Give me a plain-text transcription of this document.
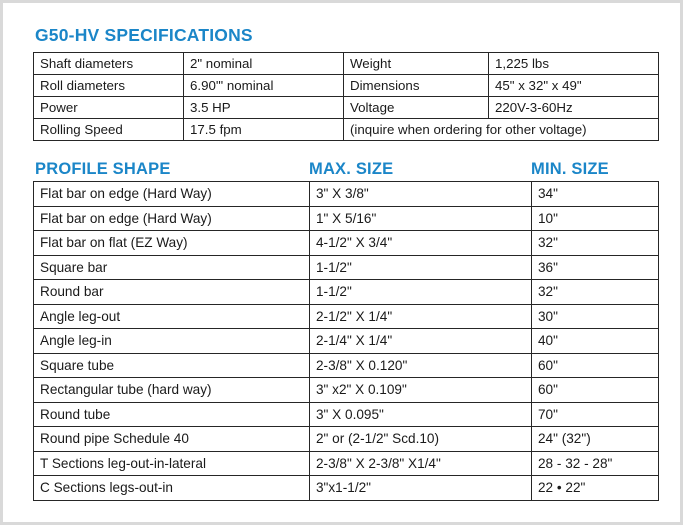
G50-HV SPECIFICATIONS
Shaft diameters	2" nominal	Weight	1,225 lbs
Roll diameters	6.90'" nominal	Dimensions	45" x 32" x 49"
Power	3.5 HP	Voltage	220V-3-60Hz
Rolling Speed	17.5 fpm	(inquire when ordering for other voltage)	
PROFILE SHAPE	MAX. SIZE	MIN. SIZE
Flat bar on edge (Hard Way)	3" X 3/8"	34"
Flat bar on edge (Hard Way)	1" X 5/16"	10"
Flat bar on flat (EZ Way)	4-1/2" X 3/4"	32"
Square bar	1-1/2"	36"
Round bar	1-1/2"	32"
Angle leg-out	2-1/2" X 1/4"	30"
Angle leg-in	2-1/4" X 1/4"	40"
Square tube	2-3/8" X 0.120"	60"
Rectangular tube (hard way)	3" x2" X 0.109"	60"
Round tube	3" X 0.095"	70"
Round pipe Schedule 40	2" or (2-1/2" Scd.10)	24" (32")
T Sections leg-out-in-lateral	2-3/8" X 2-3/8" X1/4"	28 - 32 - 28"
C Sections legs-out-in	3"x1-1/2"	22 • 22"
